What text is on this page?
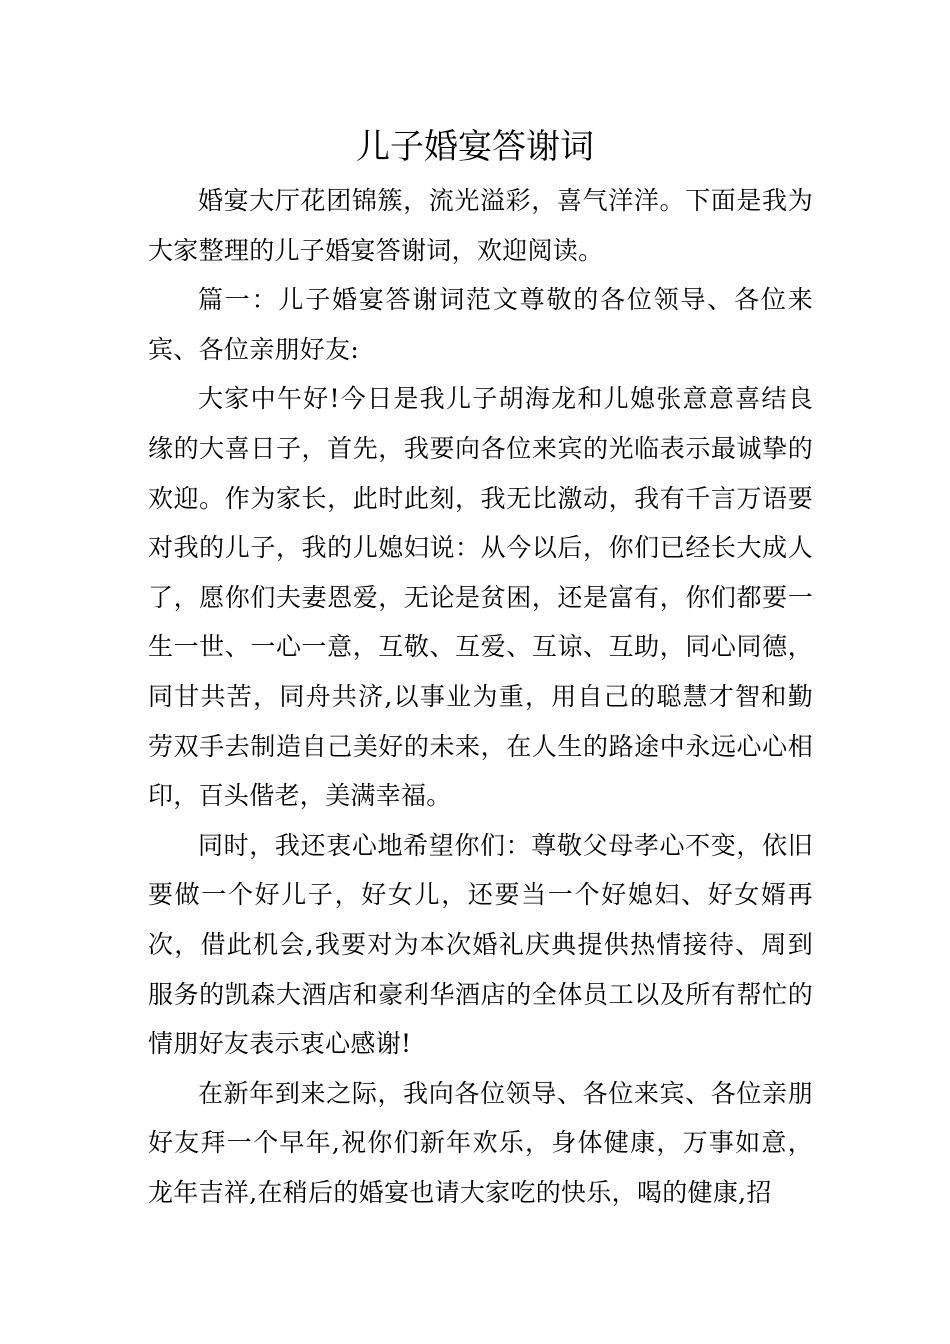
儿子婚宴答谢词

婚宴大厅花团锦簇，流光溢彩，喜气洋洋。下面是我为大家整理的儿子婚宴答谢词，欢迎阅读。

篇一：儿子婚宴答谢词范文尊敬的各位领导、各位来宾、各位亲朋好友:

大家中午好!今日是我儿子胡海龙和儿媳张意意喜结良缘的大喜日子，首先，我要向各位来宾的光临表示最诚挚的欢迎。作为家长，此时此刻，我无比激动，我有千言万语要对我的儿子，我的儿媳妇说：从今以后，你们已经长大成人了，愿你们夫妻恩爱，无论是贫困，还是富有，你们都要一生一世、一心一意，互敬、互爱、互谅、互助，同心同德，同甘共苦，同舟共济,以事业为重，用自己的聪慧才智和勤劳双手去制造自己美好的未来，在人生的路途中永远心心相印，百头偕老，美满幸福。

同时，我还衷心地希望你们：尊敬父母孝心不变，依旧要做一个好儿子，好女儿，还要当一个好媳妇、好女婿再次，借此机会,我要对为本次婚礼庆典提供热情接待、周到服务的凯森大酒店和豪利华酒店的全体员工以及所有帮忙的情朋好友表示衷心感谢!

在新年到来之际，我向各位领导、各位来宾、各位亲朋好友拜一个早年,祝你们新年欢乐，身体健康，万事如意，龙年吉祥,在稍后的婚宴也请大家吃的快乐，喝的健康,招
